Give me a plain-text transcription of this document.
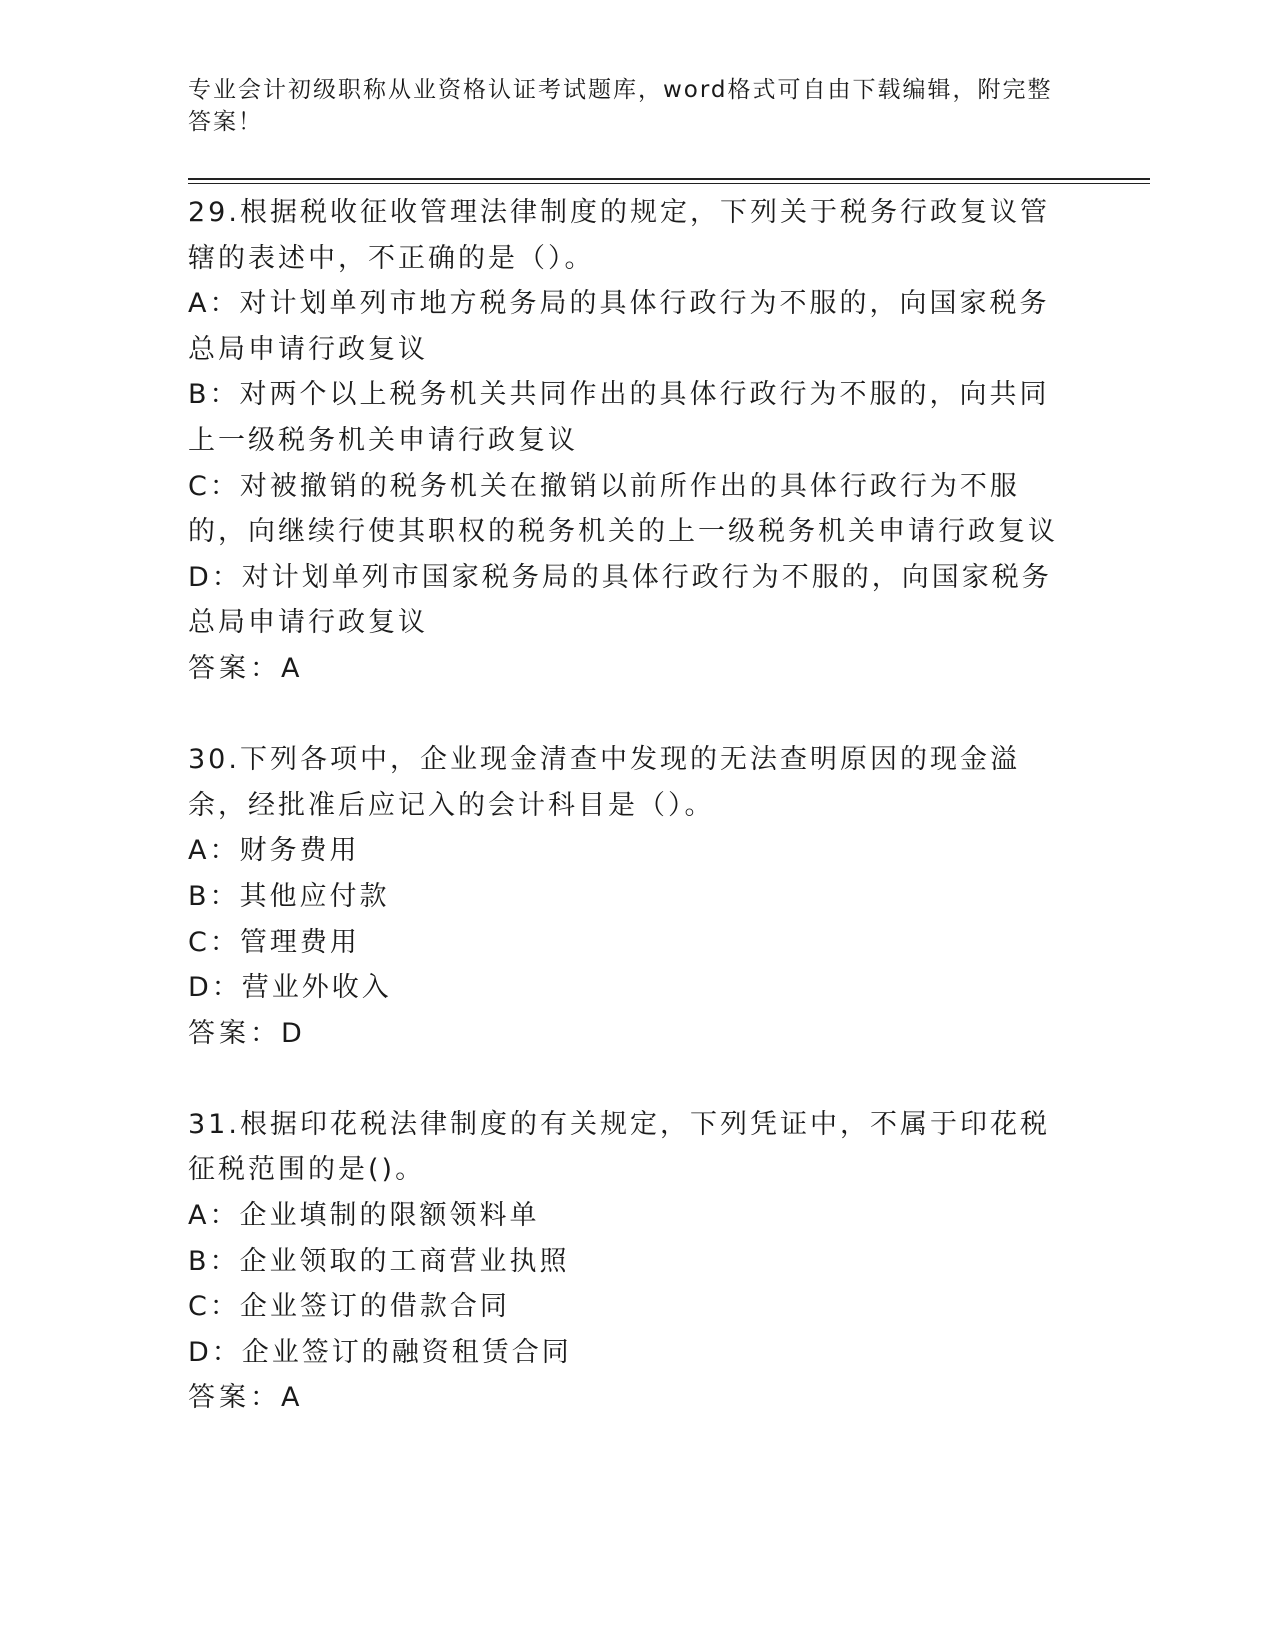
专业会计初级职称从业资格认证考试题库，word格式可自由下载编辑，附完整答案！
29.根据税收征收管理法律制度的规定，下列关于税务行政复议管辖的表述中，不正确的是（）。
A：对计划单列市地方税务局的具体行政行为不服的，向国家税务总局申请行政复议
B：对两个以上税务机关共同作出的具体行政行为不服的，向共同上一级税务机关申请行政复议
C：对被撤销的税务机关在撤销以前所作出的具体行政行为不服的，向继续行使其职权的税务机关的上一级税务机关申请行政复议
D：对计划单列市国家税务局的具体行政行为不服的，向国家税务总局申请行政复议
答案：A
30.下列各项中，企业现金清查中发现的无法查明原因的现金溢余，经批准后应记入的会计科目是（）。
A：财务费用
B：其他应付款
C：管理费用
D：营业外收入
答案：D
31.根据印花税法律制度的有关规定，下列凭证中，不属于印花税征税范围的是()。
A：企业填制的限额领料单
B：企业领取的工商营业执照
C：企业签订的借款合同
D：企业签订的融资租赁合同
答案：A
